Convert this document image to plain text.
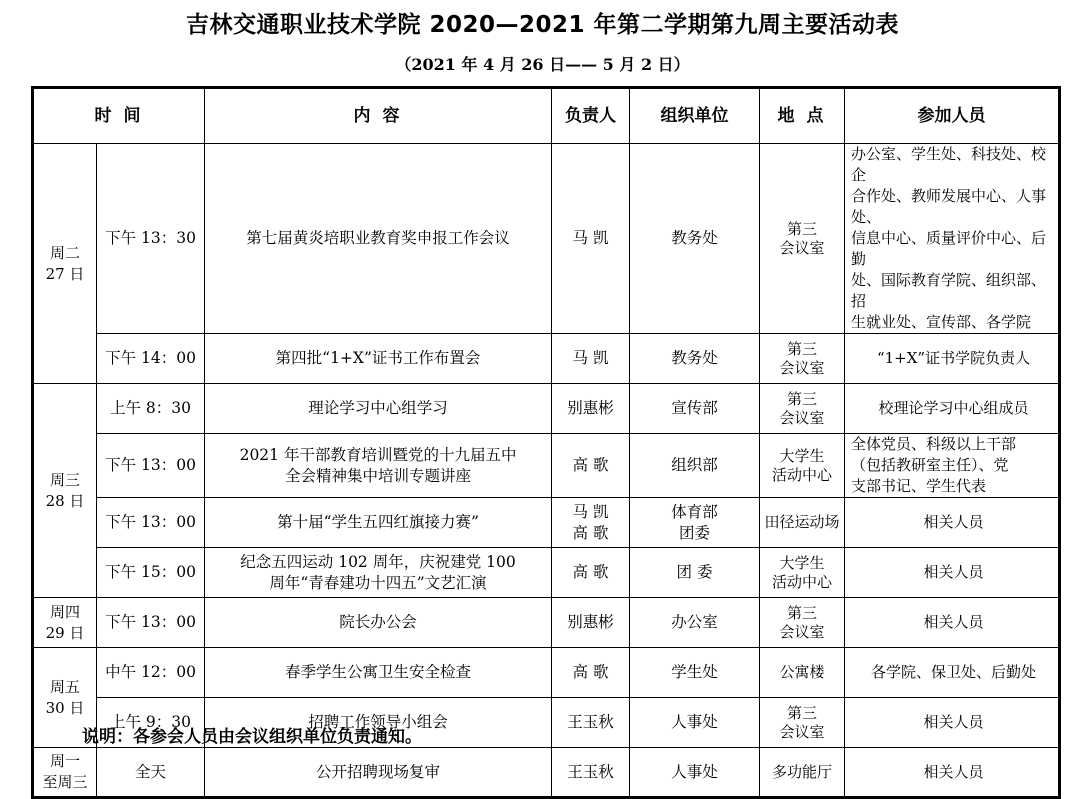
吉林交通职业技术学院 2020—2021 年第二学期第九周主要活动表
（2021 年 4 月 26 日—— 5 月 2 日）
时 间		内 容	负责人	组织单位	地 点	参加人员

周二
27 日	下午 13：30	第七届黄炎培职业教育奖申报工作会议	马 凯	教务处	第三
会议室	办公室、学生处、科技处、校企
合作处、教师发展中心、人事处、
信息中心、质量评价中心、后勤
处、国际教育学院、组织部、招
生就业处、宣传部、各学院

	下午 14：00	第四批“1+X”证书工作布置会	马 凯	教务处	第三
会议室	“1+X”证书学院负责人

周三
28 日	上午 8：30	理论学习中心组学习	别惠彬	宣传部	第三
会议室	校理论学习中心组成员

	下午 13：00	2021 年干部教育培训暨党的十九届五中
全会精神集中培训专题讲座	高 歌	组织部	大学生
活动中心	全体党员、科级以上干部
（包括教研室主任）、党
支部书记、学生代表

	下午 13：00	第十届“学生五四红旗接力赛”	马 凯
高 歌	体育部
团委	田径运动场	相关人员

	下午 15：00	纪念五四运动 102 周年，庆祝建党 100
周年“青春建功十四五”文艺汇演	高 歌	团 委	大学生
活动中心	相关人员

周四
29 日	下午 13：00	院长办公会	别惠彬	办公室	第三
会议室	相关人员

周五
30 日	中午 12：00	春季学生公寓卫生安全检查	高 歌	学生处	公寓楼	各学院、保卫处、后勤处

	上午 9：30	招聘工作领导小组会	王玉秋	人事处	第三
会议室	相关人员

周一
至周三	全天	公开招聘现场复审	王玉秋	人事处	多功能厅	相关人员
说明：各参会人员由会议组织单位负责通知。
